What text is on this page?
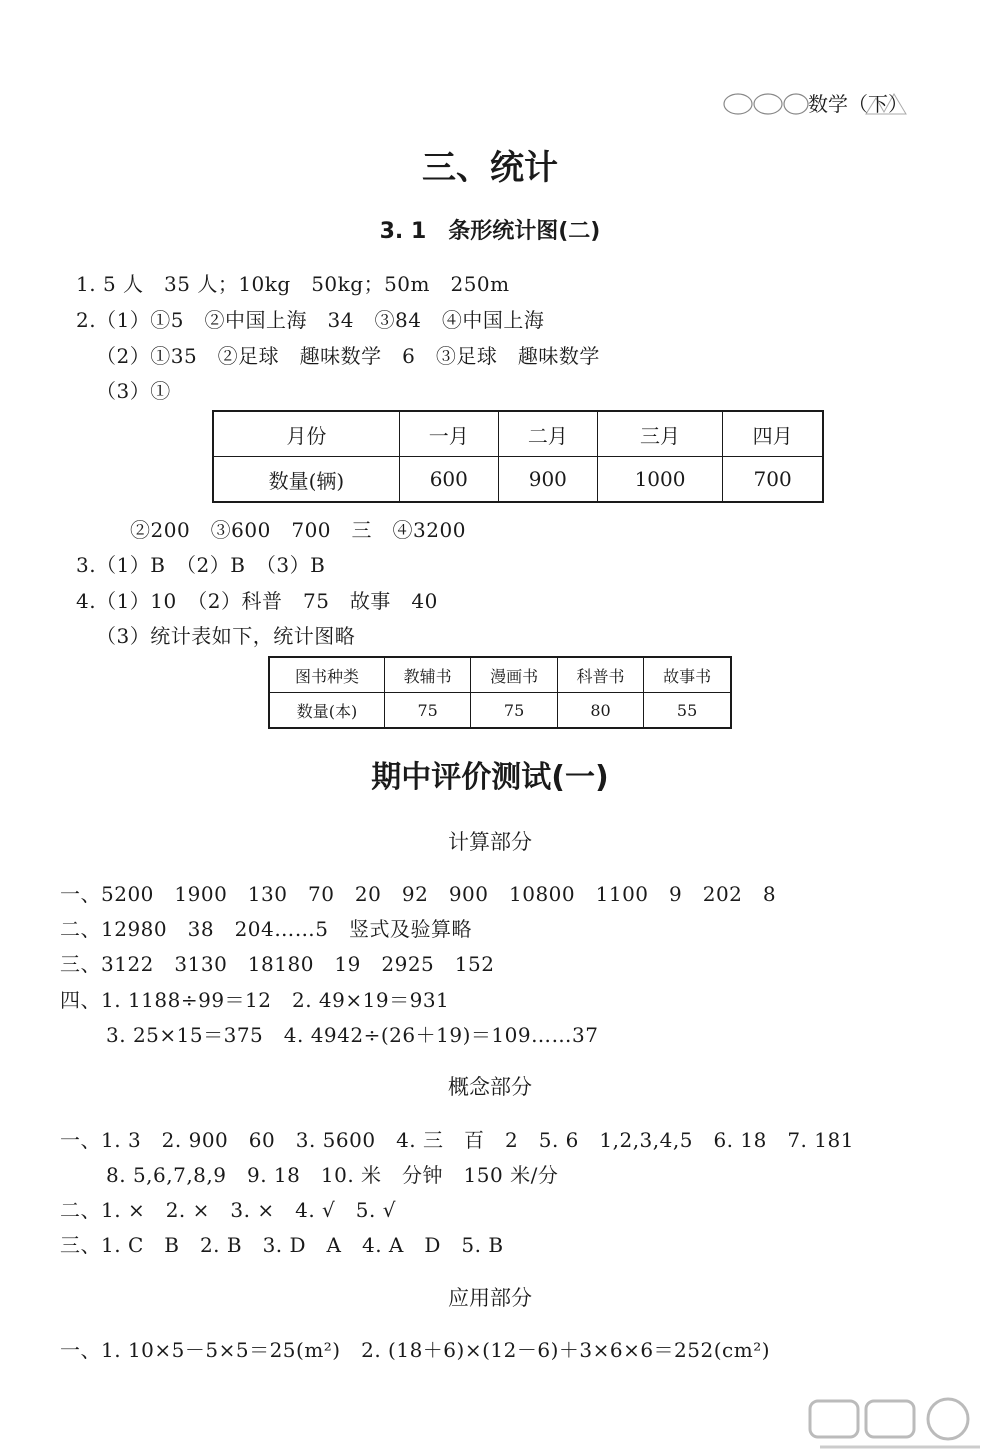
数学（下）
三、统计
3. 1　条形统计图(二)
1. 5 人　35 人；10kg　50kg；50m　250m
2.（1）①5　②中国上海　34　③84　④中国上海
（2）①35　②足球　趣味数学　6　③足球　趣味数学
（3）①
月份	一月	二月	三月	四月
数量(辆)	600	900	1000	700
②200　③600　700　三　④3200
3.（1）B　（2）B　（3）B
4.（1）10　（2）科普　75　故事　40
（3）统计表如下，统计图略
图书种类	教辅书	漫画书	科普书	故事书
数量(本)	75	75	80	55
期中评价测试(一)
计算部分
一、5200　1900　130　70　20　92　900　10800　1100　9　202　8
二、12980　38　204……5　竖式及验算略
三、3122　3130　18180　19　2925　152
四、1. 1188÷99＝12　2. 49×19＝931
3. 25×15＝375　4. 4942÷(26＋19)＝109……37
概念部分
一、1. 3　2. 900　60　3. 5600　4. 三　百　2　5. 6　1,2,3,4,5　6. 18　7. 181
8. 5,6,7,8,9　9. 18　10. 米　分钟　150 米/分
二、1. ×　2. ×　3. ×　4. √　5. √
三、1. C　B　2. B　3. D　A　4. A　D　5. B
应用部分
一、1. 10×5－5×5＝25(m²)　2. (18＋6)×(12－6)＋3×6×6＝252(cm²)
